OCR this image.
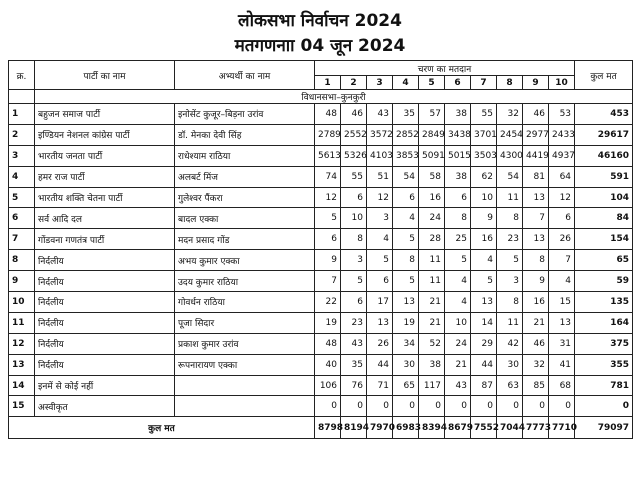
लोकसभा निर्वाचन 2024
मतगणनाा 04 जून 2024
क्र.	पार्टी का नाम	अभ्यर्थी का नाम	चरण का मतदान										कुल मत
			1	2	3	4	5	6	7	8	9	10	
	विधानसभा–कुनकुरी												
1	बहुजन समाज पार्टी	इनोसेंट कुजूर–बिड़ना उरांव	48	46	43	35	57	38	55	32	46	53	453
2	इण्डियन नेशनल कांग्रेस पार्टी	डॉ. मेनका देवी सिंह	2789	2552	3572	2852	2849	3438	3701	2454	2977	2433	29617
3	भारतीय जनता पार्टी	राधेश्याम राठिया	5613	5326	4103	3853	5091	5015	3503	4300	4419	4937	46160
4	हमर राज पार्टी	अलबर्ट मिंज	74	55	51	54	58	38	62	54	81	64	591
5	भारतीय शक्ति चेतना पार्टी	गुलेश्वर पैंकरा	12	6	12	6	16	6	10	11	13	12	104
6	सर्व आदि दल	बादल एक्का	5	10	3	4	24	8	9	8	7	6	84
7	गोंडवना गणतंत्र पार्टी	मदन प्रसाद गोंड	6	8	4	5	28	25	16	23	13	26	154
8	निर्दलीय	अभय कुमार एक्का	9	3	5	8	11	5	4	5	8	7	65
9	निर्दलीय	उदय कुमार राठिया	7	5	6	5	11	4	5	3	9	4	59
10	निर्दलीय	गोवर्धन राठिया	22	6	17	13	21	4	13	8	16	15	135
11	निर्दलीय	पूजा सिदार	19	23	13	19	21	10	14	11	21	13	164
12	निर्दलीय	प्रकाश कुमार उरांव	48	43	26	34	52	24	29	42	46	31	375
13	निर्दलीय	रूपनारायण एक्का	40	35	44	30	38	21	44	30	32	41	355
14	इनमें से कोई नहीं		106	76	71	65	117	43	87	63	85	68	781
15	अस्वीकृत		0	0	0	0	0	0	0	0	0	0	0
कुल मत			8798	8194	7970	6983	8394	8679	7552	7044	7773	7710	79097
